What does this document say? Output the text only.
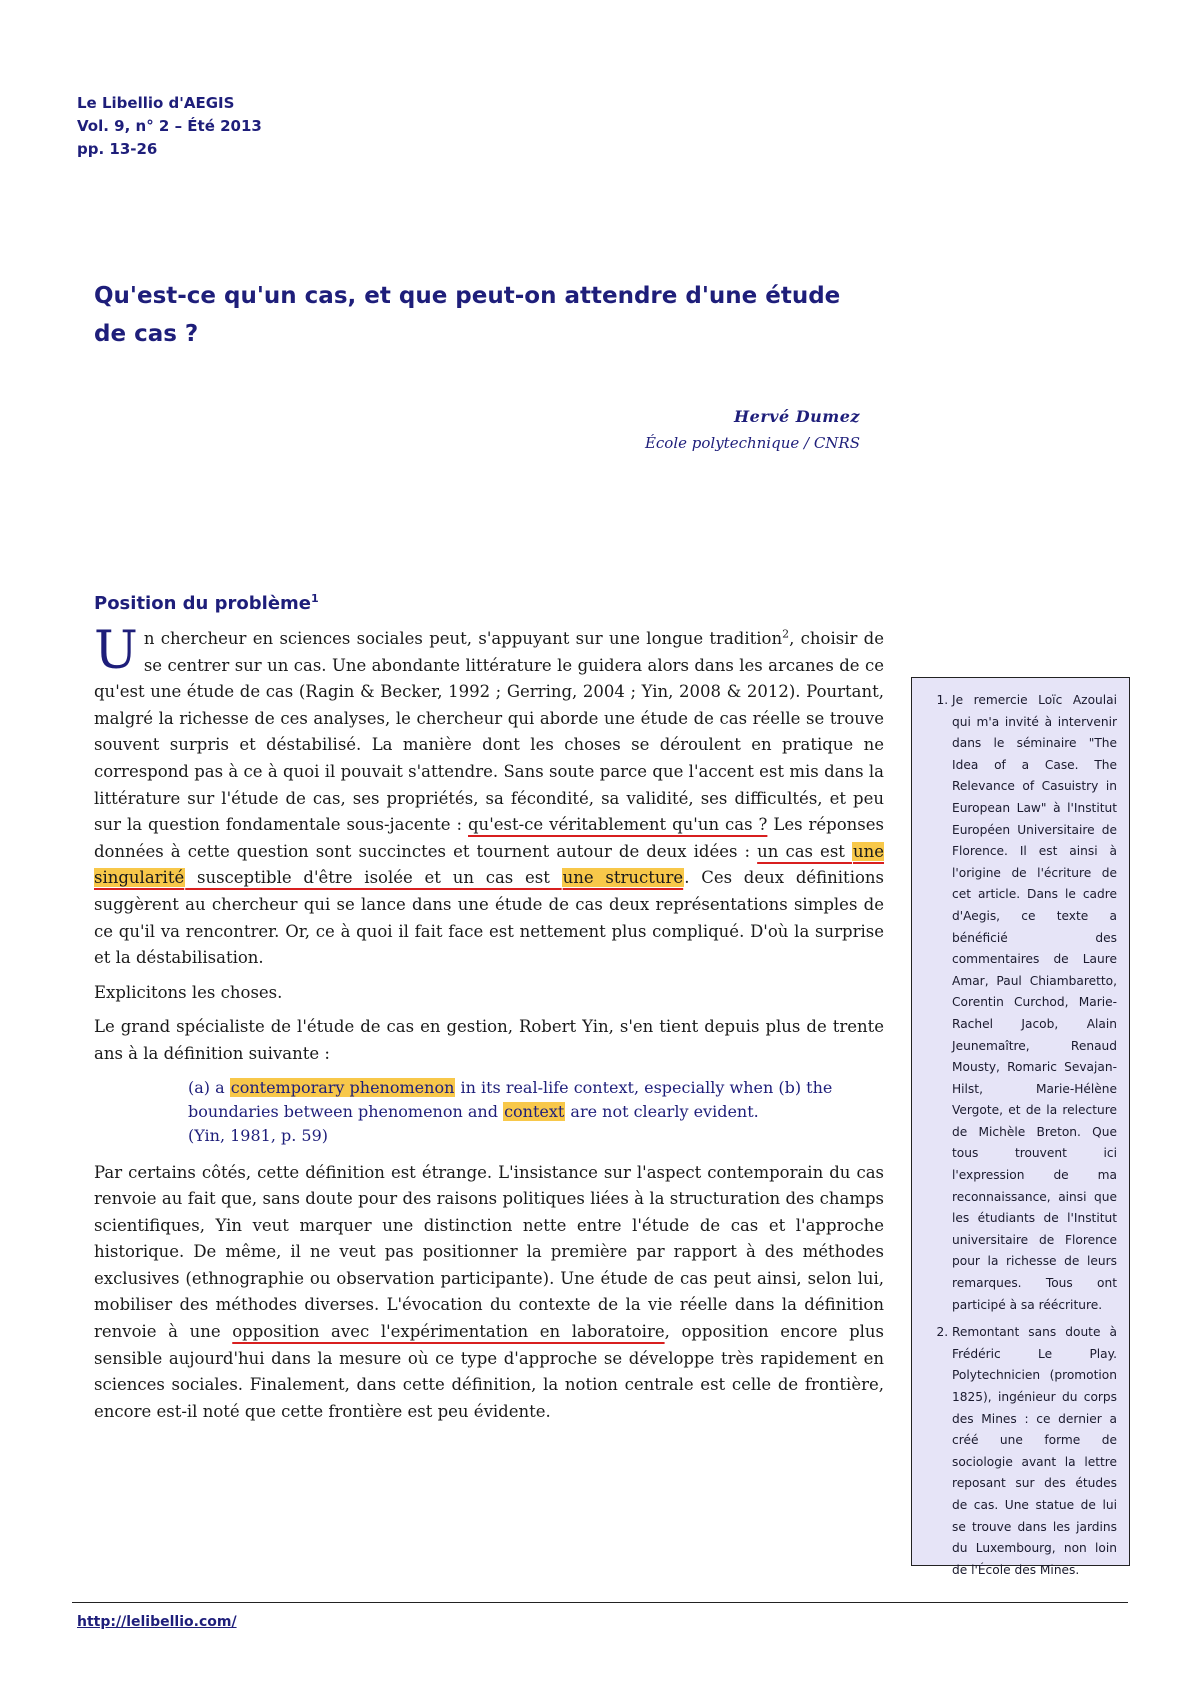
Le Libellio d'AEGIS
Vol. 9, n° 2 – Été 2013
pp. 13-26
Qu'est-ce qu'un cas, et que peut-on attendre d'une étude de cas ?
Hervé Dumez
École polytechnique / CNRS
Position du problème$^1$

Un chercheur en sciences sociales peut, s'appuyant sur une longue tradition$^2$, choisir de se centrer sur un cas. Une abondante littérature le guidera alors dans les arcanes de ce qu'est une étude de cas (Ragin & Becker, 1992 ; Gerring, 2004 ; Yin, 2008 & 2012). Pourtant, malgré la richesse de ces analyses, le chercheur qui aborde une étude de cas réelle se trouve souvent surpris et déstabilisé. La manière dont les choses se déroulent en pratique ne correspond pas à ce à quoi il pouvait s'attendre. Sans soute parce que l'accent est mis dans la littérature sur l'étude de cas, ses propriétés, sa fécondité, sa validité, ses difficultés, et peu sur la question fondamentale sous-jacente : qu'est-ce véritablement qu'un cas ? Les réponses données à cette question sont succinctes et tournent autour de deux idées : un cas est une singularité susceptible d'être isolée et un cas est une structure. Ces deux définitions suggèrent au chercheur qui se lance dans une étude de cas deux représentations simples de ce qu'il va rencontrer. Or, ce à quoi il fait face est nettement plus compliqué. D'où la surprise et la déstabilisation.

Explicitons les choses.

Le grand spécialiste de l'étude de cas en gestion, Robert Yin, s'en tient depuis plus de trente ans à la définition suivante :

(a) a contemporary phenomenon in its real-life context, especially when (b) the boundaries between phenomenon and context are not clearly evident.
(Yin, 1981, p. 59)

Par certains côtés, cette définition est étrange. L'insistance sur l'aspect contemporain du cas renvoie au fait que, sans doute pour des raisons politiques liées à la structuration des champs scientifiques, Yin veut marquer une distinction nette entre l'étude de cas et l'approche historique. De même, il ne veut pas positionner la première par rapport à des méthodes exclusives (ethnographie ou observation participante). Une étude de cas peut ainsi, selon lui, mobiliser des méthodes diverses. L'évocation du contexte de la vie réelle dans la définition renvoie à une opposition avec l'expérimentation en laboratoire, opposition encore plus sensible aujourd'hui dans la mesure où ce type d'approche se développe très rapidement en sciences sociales. Finalement, dans cette définition, la notion centrale est celle de frontière, encore est-il noté que cette frontière est peu évidente.

1. Je remercie Loïc Azoulai qui m'a invité à intervenir dans le séminaire "The Idea of a Case. The Relevance of Casuistry in European Law" à l'Institut Européen Universitaire de Florence. Il est ainsi à l'origine de l'écriture de cet article. Dans le cadre d'Aegis, ce texte a bénéficié des commentaires de Laure Amar, Paul Chiambaretto, Corentin Curchod, Marie-Rachel Jacob, Alain Jeunemaître, Renaud Mousty, Romaric Sevajan-Hilst, Marie-Hélène Vergote, et de la relecture de Michèle Breton. Que tous trouvent ici l'expression de ma reconnaissance, ainsi que les étudiants de l'Institut universitaire de Florence pour la richesse de leurs remarques. Tous ont participé à sa réécriture.
2. Remontant sans doute à Frédéric Le Play. Polytechnicien (promotion 1825), ingénieur du corps des Mines : ce dernier a créé une forme de sociologie avant la lettre reposant sur des études de cas. Une statue de lui se trouve dans les jardins du Luxembourg, non loin de l'École des Mines.
http://lelibellio.com/
